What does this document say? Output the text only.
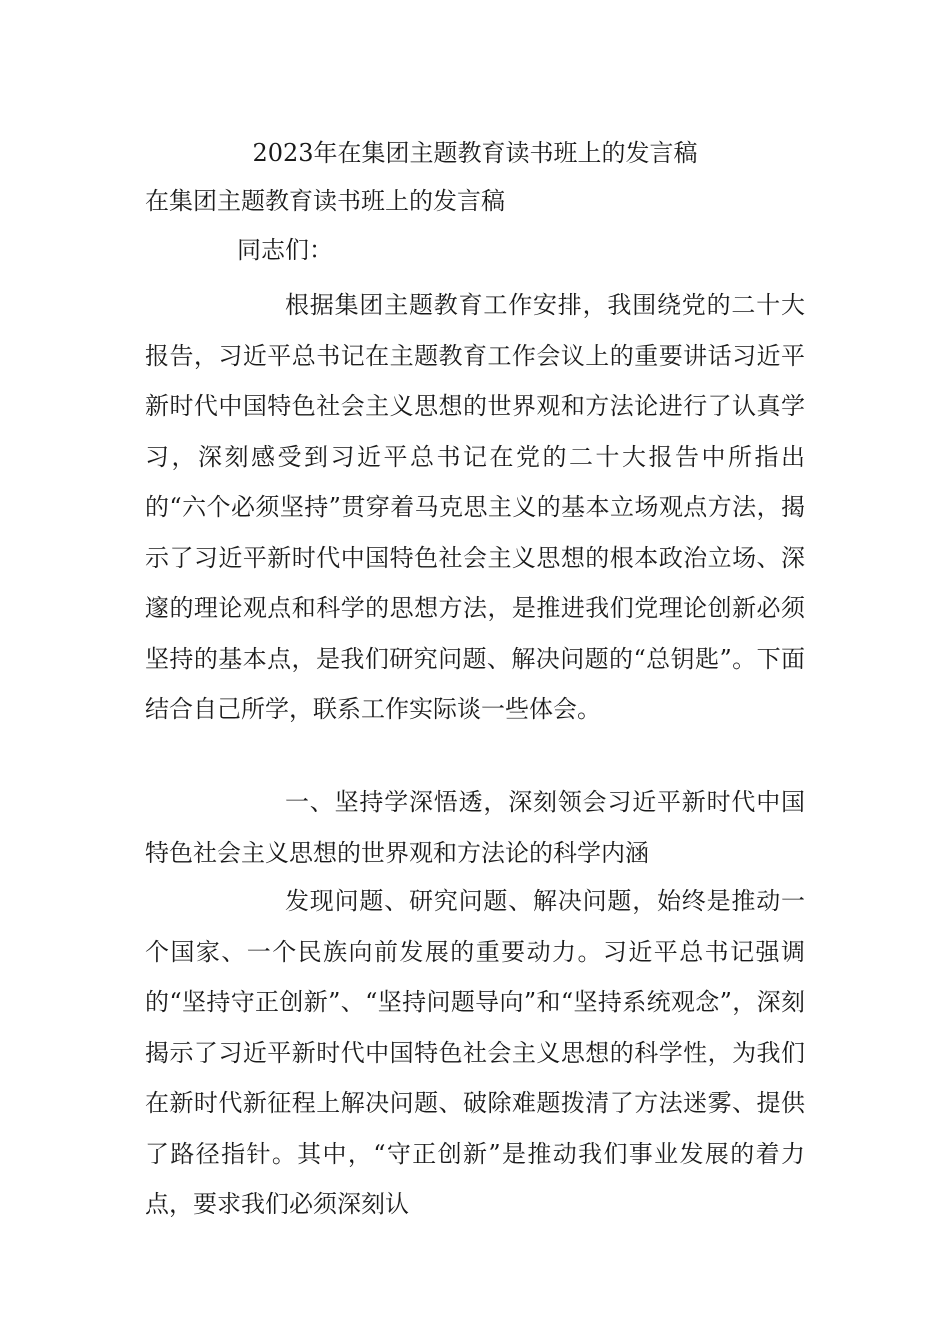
2023年在集团主题教育读书班上的发言稿
在集团主题教育读书班上的发言稿

同志们：

根据集团主题教育工作安排，我围绕党的二十大报告，习近平总书记在主题教育工作会议上的重要讲话习近平新时代中国特色社会主义思想的世界观和方法论进行了认真学习，深刻感受到习近平总书记在党的二十大报告中所指出的“六个必须坚持”贯穿着马克思主义的基本立场观点方法，揭示了习近平新时代中国特色社会主义思想的根本政治立场、深邃的理论观点和科学的思想方法，是推进我们党理论创新必须坚持的基本点，是我们研究问题、解决问题的“总钥匙”。下面结合自己所学，联系工作实际谈一些体会。

一、坚持学深悟透，深刻领会习近平新时代中国特色社会主义思想的世界观和方法论的科学内涵

发现问题、研究问题、解决问题，始终是推动一个国家、一个民族向前发展的重要动力。习近平总书记强调的“坚持守正创新”、“坚持问题导向”和“坚持系统观念”，深刻揭示了习近平新时代中国特色社会主义思想的科学性，为我们在新时代新征程上解决问题、破除难题拨清了方法迷雾、提供了路径指针。其中，“守正创新”是推动我们事业发展的着力点，要求我们必须深刻认
